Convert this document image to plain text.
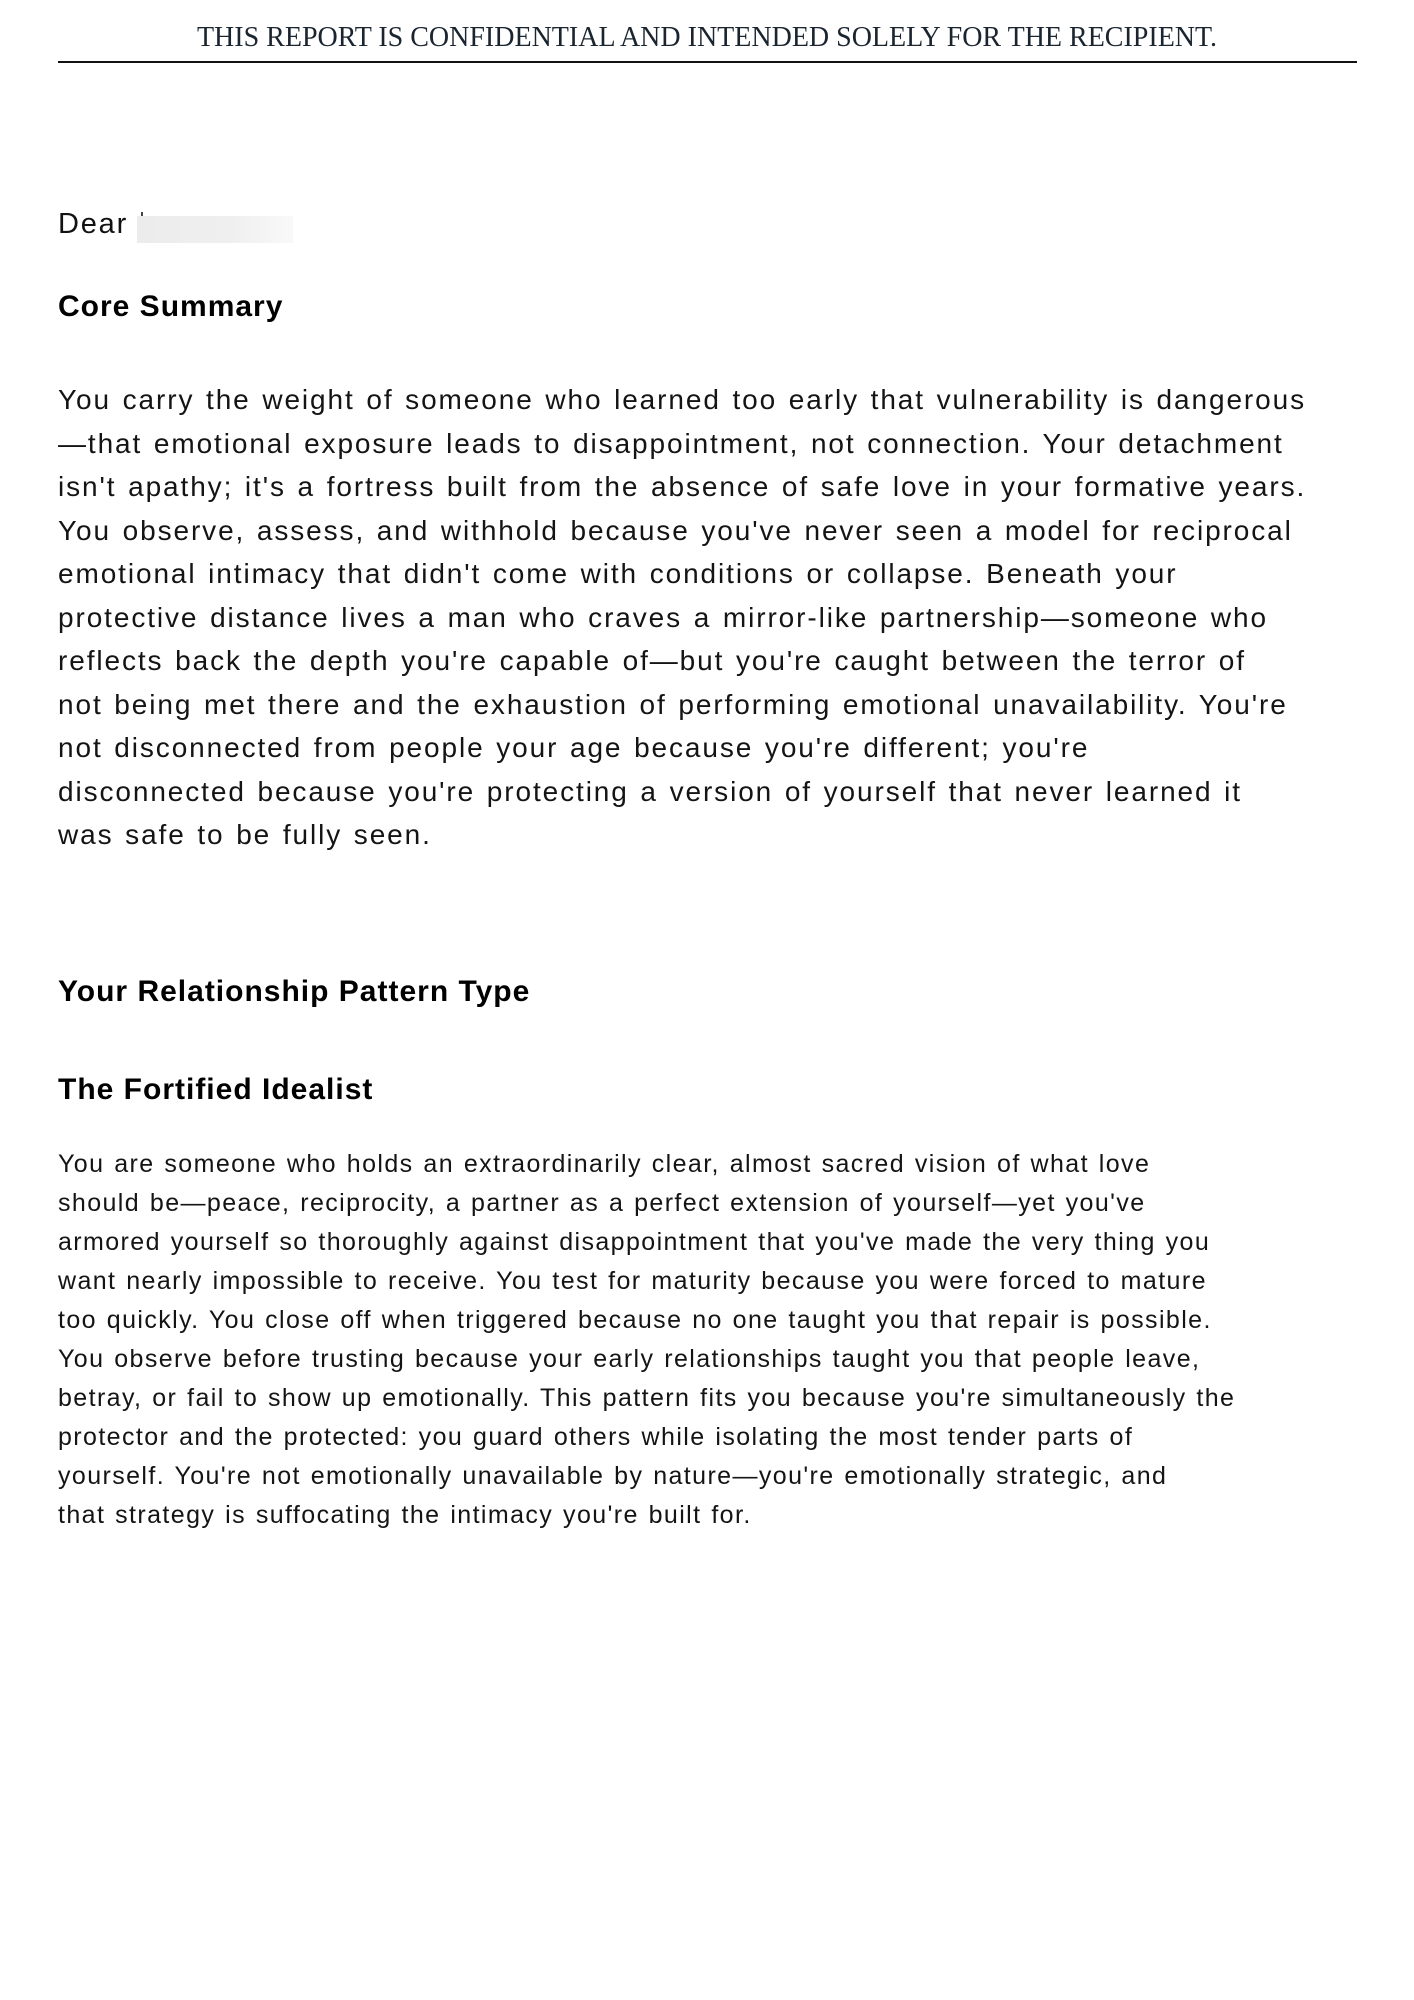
THIS REPORT IS CONFIDENTIAL AND INTENDED SOLELY FOR THE RECIPIENT.
Dear
Core Summary

You carry the weight of someone who learned too early that vulnerability is dangerous
—that emotional exposure leads to disappointment, not connection. Your detachment
isn't apathy; it's a fortress built from the absence of safe love in your formative years.
You observe, assess, and withhold because you've never seen a model for reciprocal
emotional intimacy that didn't come with conditions or collapse. Beneath your
protective distance lives a man who craves a mirror-like partnership—someone who
reflects back the depth you're capable of—but you're caught between the terror of
not being met there and the exhaustion of performing emotional unavailability. You're
not disconnected from people your age because you're different; you're
disconnected because you're protecting a version of yourself that never learned it
was safe to be fully seen.

Your Relationship Pattern Type
The Fortified Idealist

You are someone who holds an extraordinarily clear, almost sacred vision of what love
should be—peace, reciprocity, a partner as a perfect extension of yourself—yet you've
armored yourself so thoroughly against disappointment that you've made the very thing you
want nearly impossible to receive. You test for maturity because you were forced to mature
too quickly. You close off when triggered because no one taught you that repair is possible.
You observe before trusting because your early relationships taught you that people leave,
betray, or fail to show up emotionally. This pattern fits you because you're simultaneously the
protector and the protected: you guard others while isolating the most tender parts of
yourself. You're not emotionally unavailable by nature—you're emotionally strategic, and
that strategy is suffocating the intimacy you're built for.
